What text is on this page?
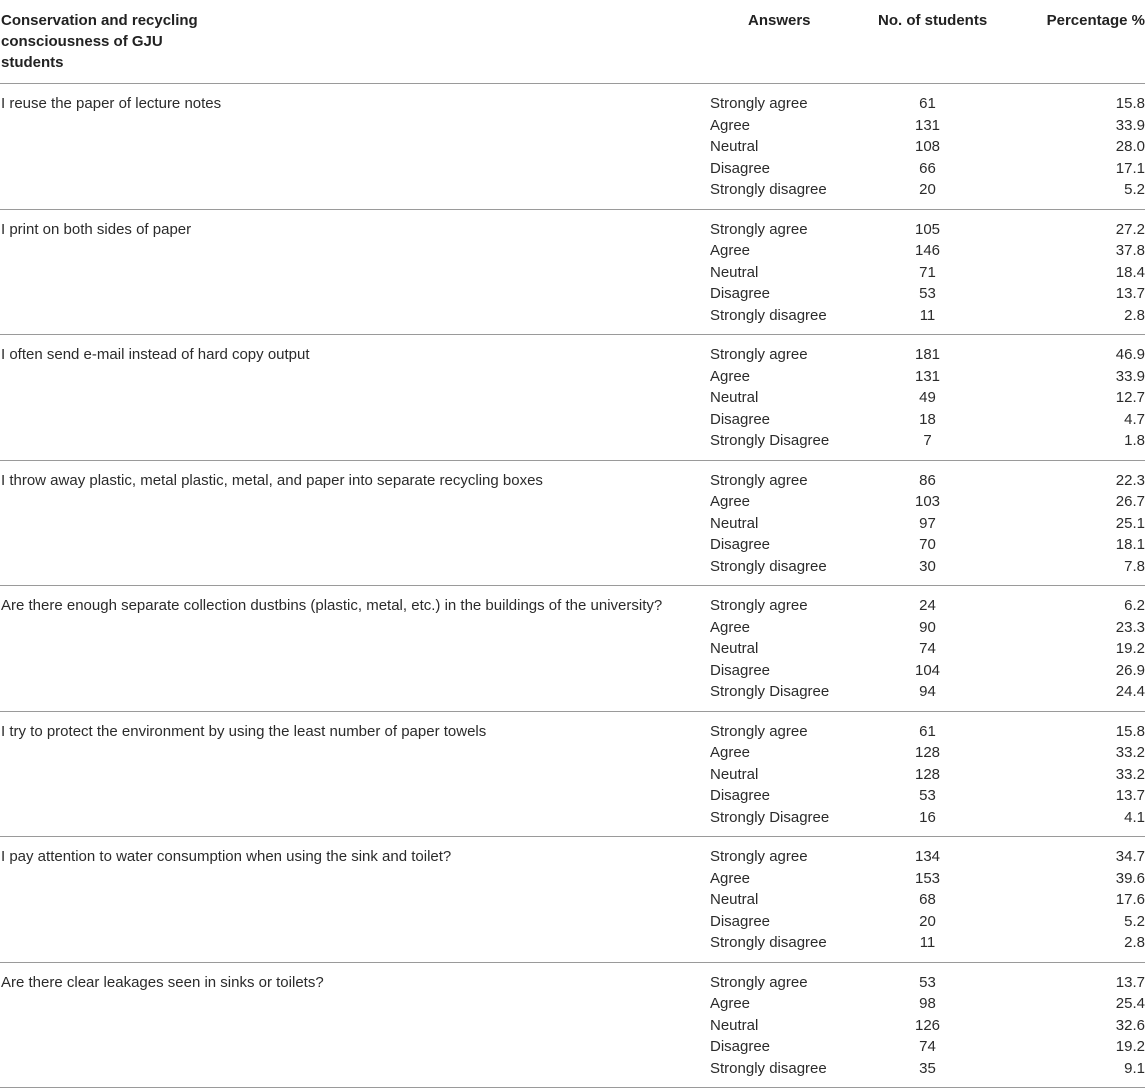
Conservation and recycling consciousness of GJU students	Answers	No. of students	Percentage %
I reuse the paper of lecture notes	Strongly agree	61	15.8
	Agree	131	33.9
	Neutral	108	28.0
	Disagree	66	17.1
	Strongly disagree	20	5.2
I print on both sides of paper	Strongly agree	105	27.2
	Agree	146	37.8
	Neutral	71	18.4
	Disagree	53	13.7
	Strongly disagree	11	2.8
I often send e-mail instead of hard copy output	Strongly agree	181	46.9
	Agree	131	33.9
	Neutral	49	12.7
	Disagree	18	4.7
	Strongly Disagree	7	1.8
I throw away plastic, metal plastic, metal, and paper into separate recycling boxes	Strongly agree	86	22.3
	Agree	103	26.7
	Neutral	97	25.1
	Disagree	70	18.1
	Strongly disagree	30	7.8
Are there enough separate collection dustbins (plastic, metal, etc.) in the buildings of the university?	Strongly agree	24	6.2
	Agree	90	23.3
	Neutral	74	19.2
	Disagree	104	26.9
	Strongly Disagree	94	24.4
I try to protect the environment by using the least number of paper towels	Strongly agree	61	15.8
	Agree	128	33.2
	Neutral	128	33.2
	Disagree	53	13.7
	Strongly Disagree	16	4.1
I pay attention to water consumption when using the sink and toilet?	Strongly agree	134	34.7
	Agree	153	39.6
	Neutral	68	17.6
	Disagree	20	5.2
	Strongly disagree	11	2.8
Are there clear leakages seen in sinks or toilets?	Strongly agree	53	13.7
	Agree	98	25.4
	Neutral	126	32.6
	Disagree	74	19.2
	Strongly disagree	35	9.1
